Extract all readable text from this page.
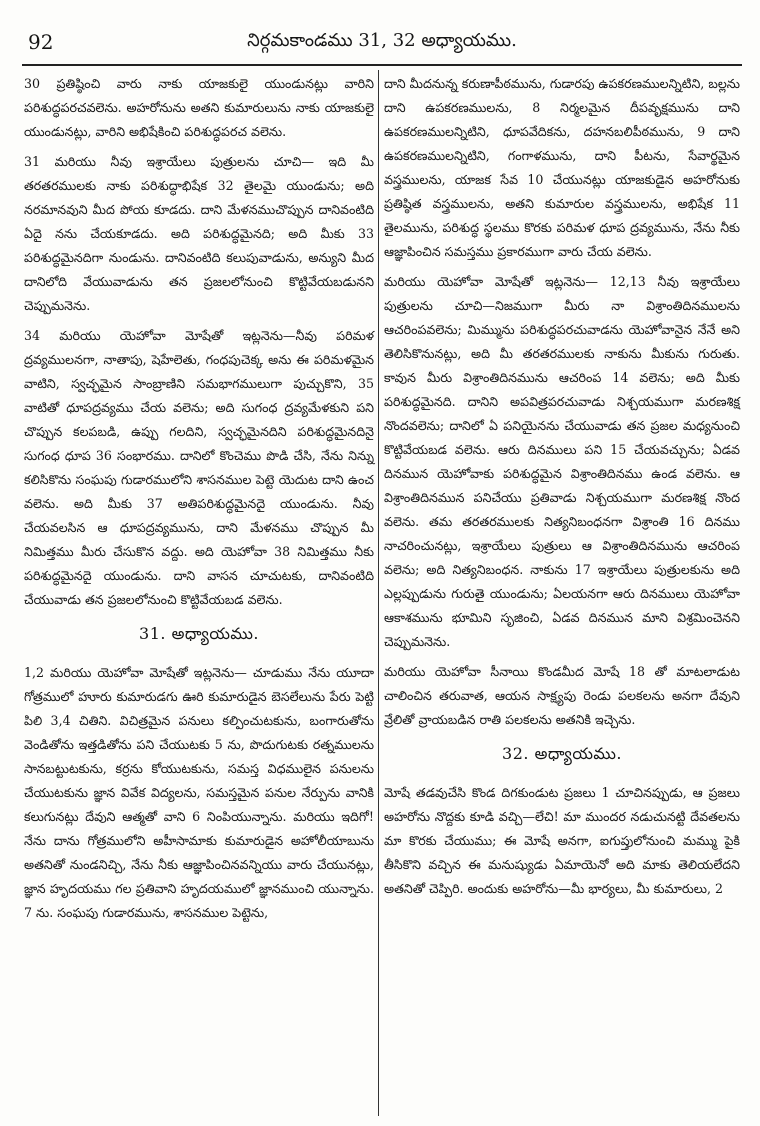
92	నిర్గమకాండము 31, 32 అధ్యాయము.

30 ప్రతిష్ఠించి వారు నాకు యాజకులై యుండునట్లు వారిని పరిశుద్ధపరచవలెను. అహరోనును అతని కుమారులును నాకు యాజకులై యుండునట్లు, వారిని అభిషేకించి పరిశుద్ధపరచ వలెను.

31 మరియు నీవు ఇశ్రాయేలు పుత్రులను చూచి— ఇది మీ తరతరములకు నాకు పరిశుద్ధాభిషేక 32 తైలమై యుండును; అది నరమానవుని మీద పోయ కూడదు. దాని మేళనముచొప్పున దానివంటిది ఏదై నను చేయకూడదు. అది పరిశుద్ధమైనది; అది మీకు 33 పరిశుద్ధమైనదిగా నుండును. దానివంటిది కలుపువాడును, అన్యుని మీద దానిలోది వేయువాడును తన ప్రజలలోనుంచి కొట్టివేయబడునని చెప్పుమనెను.

34 మరియు యెహోవా మోషేతో ఇట్లనెను—నీవు పరిమళ ద్రవ్యములనగా, నాతాపు, షెహేలెతు, గంధపుచెక్క అను ఈ పరిమళమైన వాటిని, స్వచ్ఛమైన సాంబ్రాణిని సమభాగములుగా పుచ్చుకొని, 35 వాటితో ధూపద్రవ్యము చేయ వలెను; అది సుగంధ ద్రవ్యమేళకుని పని చొప్పున కలపబడి, ఉప్పు గలదిని, స్వచ్ఛమైనదిని పరిశుద్ధమైనదినై సుగంధ ధూప 36 సంభారము. దానిలో కొంచెము పొడి చేసి, నేను నిన్ను కలిసికొను సంఘపు గుడారములోని శాసనముల పెట్టె యెదుట దాని ఉంచ వలెను. అది మీకు 37 అతిపరిశుద్ధమైనదై యుండును. నీవు చేయవలసిన ఆ ధూపద్రవ్యమును, దాని మేళనము చొప్పున మీ నిమిత్తము మీరు చేసుకొన వద్దు. అది యెహోవా 38 నిమిత్తము నీకు పరిశుద్ధమైనదై యుండును. దాని వాసన చూచుటకు, దానివంటిది చేయువాడు తన ప్రజలలోనుంచి కొట్టివేయబడ వలెను.

31. అధ్యాయము.

1,2 మరియు యెహోవా మోషేతో ఇట్లనెను— చూడుము నేను యూదా గోత్రములో హూరు కుమారుడగు ఊరి కుమారుడైన బెసలేలును పేరు పెట్టి పిలి 3,4 చితిని. విచిత్రమైన పనులు కల్పించుటకును, బంగారుతోను వెండితోను ఇత్తడితోను పని చేయుటకు 5 ను, పొదుగుటకు రత్నములను సానబట్టుటకును, కర్రను కోయుటకును, సమస్త విధములైన పనులను చేయుటకును జ్ఞాన వివేక విద్యలను, సమస్తమైన పనుల నేర్పును వానికి కలుగునట్లు దేవుని ఆత్మతో వాని 6 నింపియున్నాను. మరియు ఇదిగో! నేను దాను గోత్రములోని అహీసామాకు కుమారుడైన అహోలీయాబును అతనితో నుండనిచ్చి, నేను నీకు ఆజ్ఞాపించినవన్నియు వారు చేయునట్లు, జ్ఞాన హృదయము గల ప్రతివాని హృదయములో జ్ఞానముంచి యున్నాను. 7 ను. సంఘపు గుడారమును, శాసనముల పెట్టెను,

దాని మీదనున్న కరుణాపీఠమును, గుడారపు ఉపకరణములన్నిటిని, బల్లను దాని ఉపకరణములను, 8 నిర్మలమైన దీపవృక్షమును దాని ఉపకరణములన్నిటిని, ధూపవేదికను, దహనబలిపీఠమును, 9 దాని ఉపకరణములన్నిటిని, గంగాళమును, దాని పీటను, సేవార్థమైన వస్త్రములను, యాజక సేవ 10 చేయునట్లు యాజకుడైన అహరోనుకు ప్రతిష్ఠిత వస్త్రములను, అతని కుమారుల వస్త్రములను, అభిషేక 11 తైలమును, పరిశుద్ధ స్థలము కొరకు పరిమళ ధూప ద్రవ్యమును, నేను నీకు ఆజ్ఞాపించిన సమస్తము ప్రకారముగా వారు చేయ వలెను.

మరియు యెహోవా మోషేతో ఇట్లనెను— 12,13 నీవు ఇశ్రాయేలు పుత్రులను చూచి—నిజముగా మీరు నా విశ్రాంతిదినములను ఆచరింపవలెను; మిమ్మును పరిశుద్ధపరచువాడను యెహోవానైన నేనే అని తెలిసికొనునట్లు, అది మీ తరతరములకు నాకును మీకును గురుతు. కావున మీరు విశ్రాంతిదినమును ఆచరింప 14 వలెను; అది మీకు పరిశుద్ధమైనది. దానిని అపవిత్రపరచువాడు నిశ్చయముగా మరణశిక్ష నొందవలెను; దానిలో ఏ పనియైనను చేయువాడు తన ప్రజల మధ్యనుంచి కొట్టివేయబడ వలెను. ఆరు దినములు పని 15 చేయవచ్చును; ఏడవ దినమున యెహోవాకు పరిశుద్ధమైన విశ్రాంతిదినము ఉండ వలెను. ఆ విశ్రాంతిదినమున పనిచేయు ప్రతివాడు నిశ్చయముగా మరణశిక్ష నొంద వలెను. తమ తరతరములకు నిత్యనిబంధనగా విశ్రాంతి 16 దినము నాచరించునట్లు, ఇశ్రాయేలు పుత్రులు ఆ విశ్రాంతిదినమును ఆచరింప వలెను; అది నిత్యనిబంధన. నాకును 17 ఇశ్రాయేలు పుత్రులకును అది ఎల్లప్పుడును గురుతై యుండును; ఏలయనగా ఆరు దినములు యెహోవా ఆకాశమును భూమిని సృజించి, ఏడవ దినమున మాని విశ్రమించెనని చెప్పుమనెను.

మరియు యెహోవా సీనాయి కొండమీద మోషే 18 తో మాటలాడుట చాలించిన తరువాత, ఆయన సాక్ష్యపు రెండు పలకలను అనగా దేవుని వ్రేలితో వ్రాయబడిన రాతి పలకలను అతనికి ఇచ్చెను.

32. అధ్యాయము.

మోషే తడవుచేసి కొండ దిగకుండుట ప్రజలు 1 చూచినప్పుడు, ఆ ప్రజలు అహరోను నొద్దకు కూడి వచ్చి—లేచి! మా ముందర నడుచునట్టి దేవతలను మా కొరకు చేయుము; ఈ మోషే అనగా, ఐగుప్తులోనుంచి మమ్ము పైకి తీసికొని వచ్చిన ఈ మనుష్యుడు ఏమాయెనో అది మాకు తెలియలేదని అతనితో చెప్పిరి. అందుకు అహరోను—మీ భార్యలు, మీ కుమారులు, 2
